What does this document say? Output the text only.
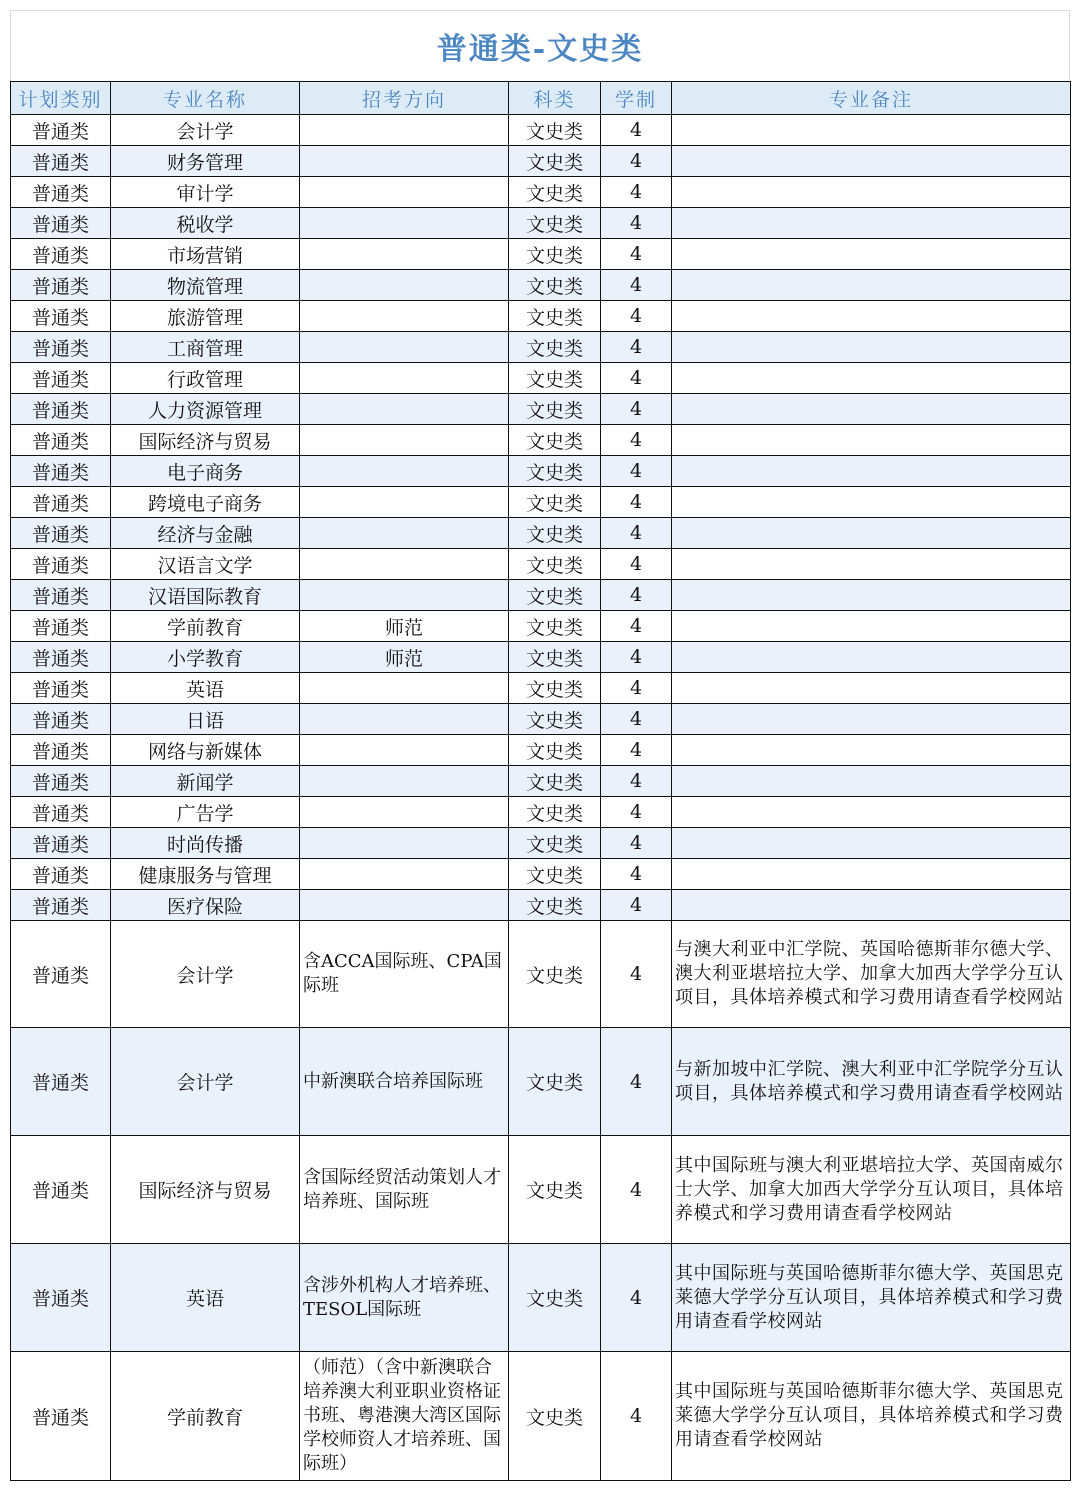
普通类-文史类
计划类别	专业名称	招考方向	科类	学制	专业备注
普通类	会计学		文史类	4	
普通类	财务管理		文史类	4	
普通类	审计学		文史类	4	
普通类	税收学		文史类	4	
普通类	市场营销		文史类	4	
普通类	物流管理		文史类	4	
普通类	旅游管理		文史类	4	
普通类	工商管理		文史类	4	
普通类	行政管理		文史类	4	
普通类	人力资源管理		文史类	4	
普通类	国际经济与贸易		文史类	4	
普通类	电子商务		文史类	4	
普通类	跨境电子商务		文史类	4	
普通类	经济与金融		文史类	4	
普通类	汉语言文学		文史类	4	
普通类	汉语国际教育		文史类	4	
普通类	学前教育	师范	文史类	4	
普通类	小学教育	师范	文史类	4	
普通类	英语		文史类	4	
普通类	日语		文史类	4	
普通类	网络与新媒体		文史类	4	
普通类	新闻学		文史类	4	
普通类	广告学		文史类	4	
普通类	时尚传播		文史类	4	
普通类	健康服务与管理		文史类	4	
普通类	医疗保险		文史类	4	
普通类	会计学	含ACCA国际班、CPA国际班	文史类	4	与澳大利亚中汇学院、英国哈德斯菲尔德大学、澳大利亚堪培拉大学、加拿大加西大学学分互认项目，具体培养模式和学习费用请查看学校网站
普通类	会计学	中新澳联合培养国际班	文史类	4	与新加坡中汇学院、澳大利亚中汇学院学分互认项目，具体培养模式和学习费用请查看学校网站
普通类	国际经济与贸易	含国际经贸活动策划人才培养班、国际班	文史类	4	其中国际班与澳大利亚堪培拉大学、英国南威尔士大学、加拿大加西大学学分互认项目，具体培养模式和学习费用请查看学校网站
普通类	英语	含涉外机构人才培养班、TESOL国际班	文史类	4	其中国际班与英国哈德斯菲尔德大学、英国思克莱德大学学分互认项目，具体培养模式和学习费用请查看学校网站
普通类	学前教育	（师范）（含中新澳联合培养澳大利亚职业资格证书班、粤港澳大湾区国际学校师资人才培养班、国际班）	文史类	4	其中国际班与英国哈德斯菲尔德大学、英国思克莱德大学学分互认项目，具体培养模式和学习费用请查看学校网站
